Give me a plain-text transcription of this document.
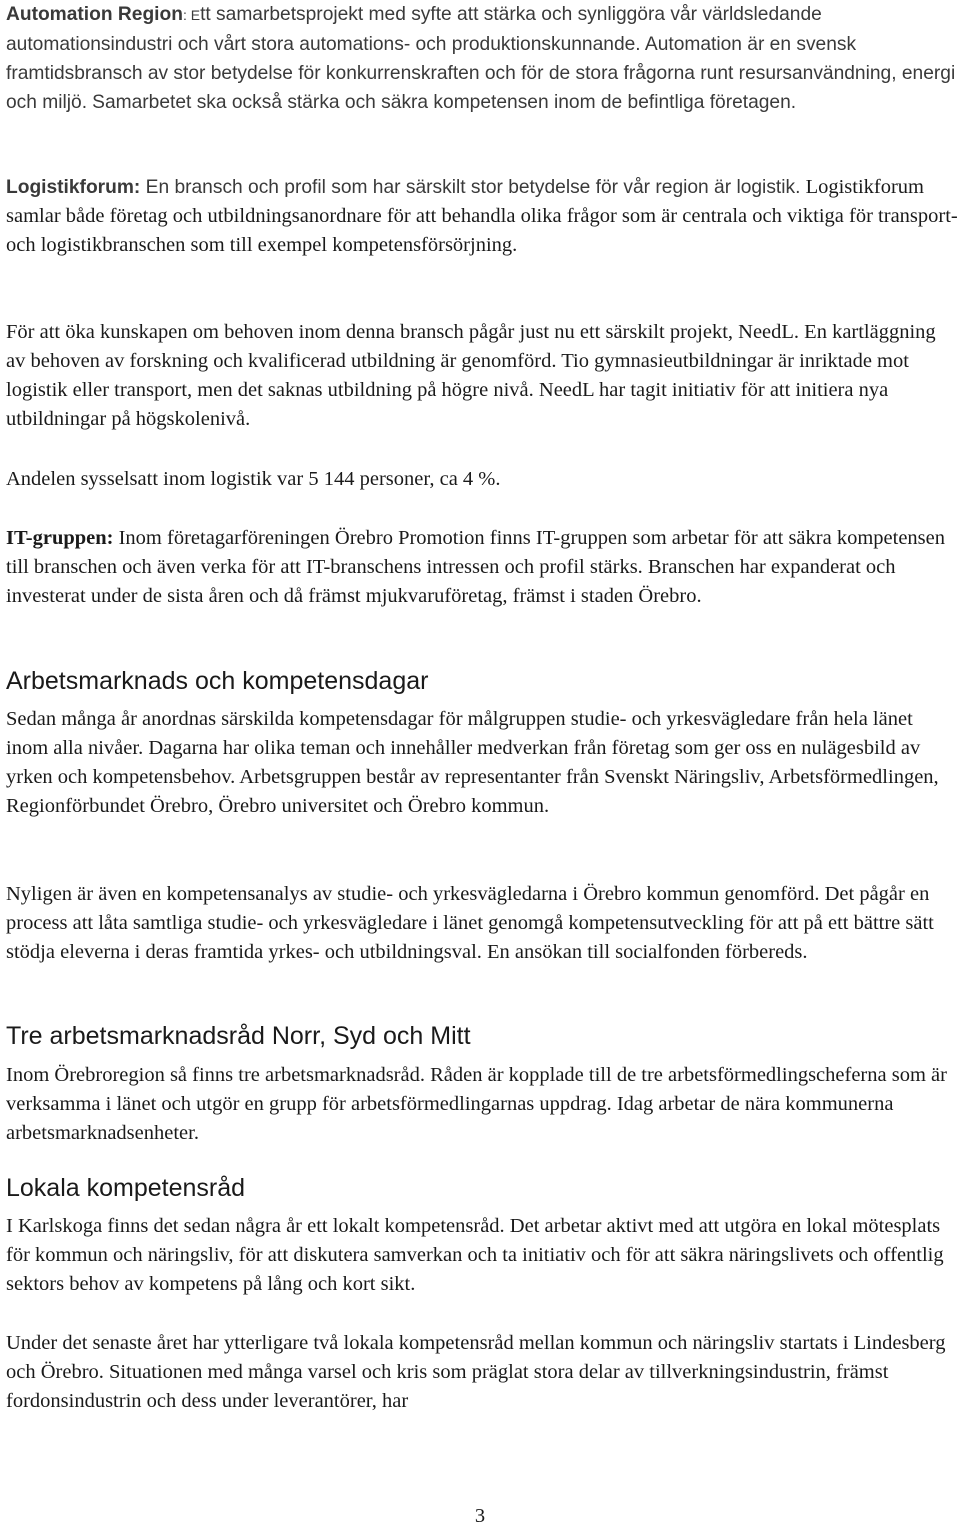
Automation Region: Ett samarbetsprojekt med syfte att stärka och synliggöra vår världsledande automationsindustri och vårt stora automations- och produktionskunnande. Automation är en svensk framtidsbransch av stor betydelse för konkurrenskraften och för de stora frågorna runt resursanvändning, energi och miljö. Samarbetet ska också stärka och säkra kompetensen inom de befintliga företagen.

Logistikforum: En bransch och profil som har särskilt stor betydelse för vår region är logistik. Logistikforum samlar både företag och utbildningsanordnare för att behandla olika frågor som är centrala och viktiga för transport- och logistikbranschen som till exempel kompetensförsörjning.

För att öka kunskapen om behoven inom denna bransch pågår just nu ett särskilt projekt, NeedL. En kartläggning av behoven av forskning och kvalificerad utbildning är genomförd. Tio gymnasieutbildningar är inriktade mot logistik eller transport, men det saknas utbildning på högre nivå. NeedL har tagit initiativ för att initiera nya utbildningar på högskolenivå.

Andelen sysselsatt inom logistik var 5 144 personer, ca 4 %.

IT-gruppen: Inom företagarföreningen Örebro Promotion finns IT-gruppen som arbetar för att säkra kompetensen till branschen och även verka för att IT-branschens intressen och profil stärks. Branschen har expanderat och investerat under de sista åren och då främst mjukvaruföretag, främst i staden Örebro.

Arbetsmarknads och kompetensdagar

Sedan många år anordnas särskilda kompetensdagar för målgruppen studie- och yrkesvägledare från hela länet inom alla nivåer. Dagarna har olika teman och innehåller medverkan från företag som ger oss en nulägesbild av yrken och kompetensbehov. Arbetsgruppen består av representanter från Svenskt Näringsliv, Arbetsförmedlingen, Regionförbundet Örebro, Örebro universitet och Örebro kommun.

Nyligen är även en kompetensanalys av studie- och yrkesvägledarna i Örebro kommun genomförd. Det pågår en process att låta samtliga studie- och yrkesvägledare i länet genomgå kompetensutveckling för att på ett bättre sätt stödja eleverna i deras framtida yrkes- och utbildningsval. En ansökan till socialfonden förbereds.

Tre arbetsmarknadsråd Norr, Syd och Mitt

Inom Örebroregion så finns tre arbetsmarknadsråd. Råden är kopplade till de tre arbetsförmedlingscheferna som är verksamma i länet och utgör en grupp för arbetsförmedlingarnas uppdrag. Idag arbetar de nära kommunerna arbetsmarknadsenheter.

Lokala kompetensråd

I Karlskoga finns det sedan några år ett lokalt kompetensråd. Det arbetar aktivt med att utgöra en lokal mötesplats för kommun och näringsliv, för att diskutera samverkan och ta initiativ och för att säkra näringslivets och offentlig sektors behov av kompetens på lång och kort sikt.

Under det senaste året har ytterligare två lokala kompetensråd mellan kommun och näringsliv startats i Lindesberg och Örebro. Situationen med många varsel och kris som präglat stora delar av tillverkningsindustrin, främst fordonsindustrin och dess under leverantörer, har

3
